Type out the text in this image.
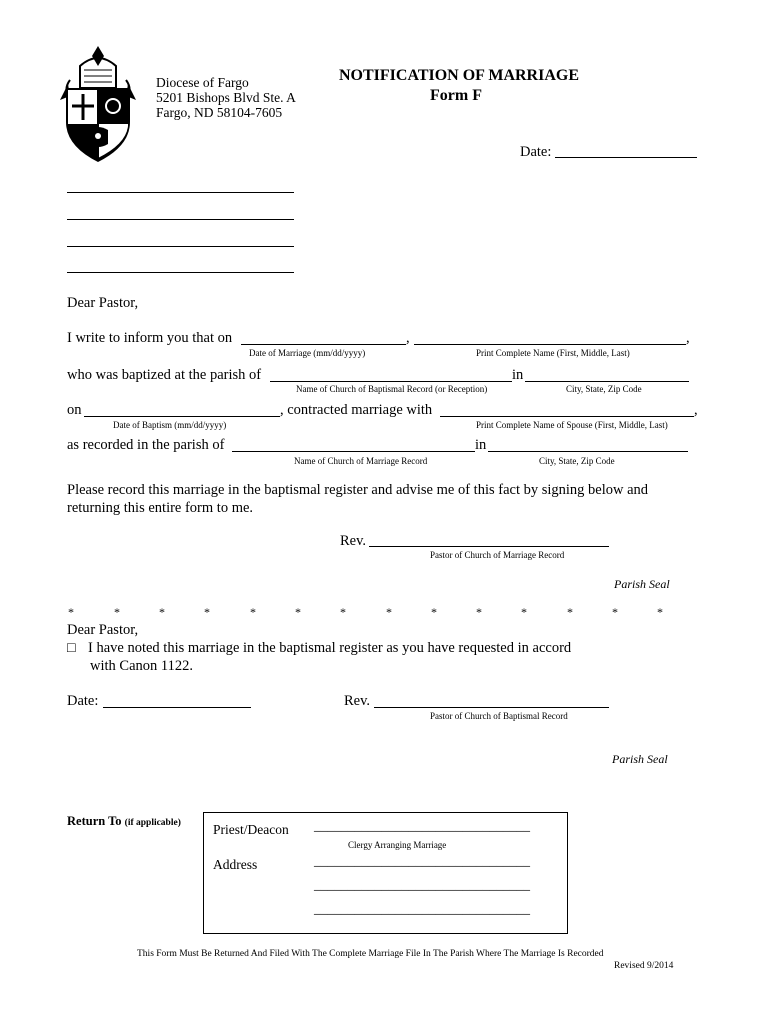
Diocese of Fargo
5201 Bishops Blvd Ste. A
Fargo, ND 58104-7605
NOTIFICATION OF MARRIAGE
Form F
Date:
Dear Pastor,
I write to inform you that on	,	,
Date of Marriage (mm/dd/yyyy)	Print Complete Name (First, Middle, Last)
who was baptized at the parish of	in
Name of Church of Baptismal Record (or Reception)	City, State, Zip Code
on	, contracted marriage with	,
Date of Baptism (mm/dd/yyyy)	Print Complete Name of Spouse (First, Middle, Last)
as recorded in the parish of	in
Name of Church of Marriage Record	City, State, Zip Code
Please record this marriage in the baptismal register and advise me of this fact by signing below and
returning this entire form to me.
Rev.
Pastor of Church of Marriage Record
Parish Seal
*	*	*	*	*	*	*	*	*	*	*	*	*	*
Dear Pastor,
□ I have noted this marriage in the baptismal register as you have requested in accord
with Canon 1122.
Date:	Rev.
Pastor of Church of Baptismal Record
Parish Seal
Return To (if applicable) Priest/Deacon ________________________________
Clergy Arranging Marriage
Address	________________________________
________________________________
________________________________
This Form Must Be Returned And Filed With The Complete Marriage File In The Parish Where The Marriage Is Recorded
Revised 9/2014
